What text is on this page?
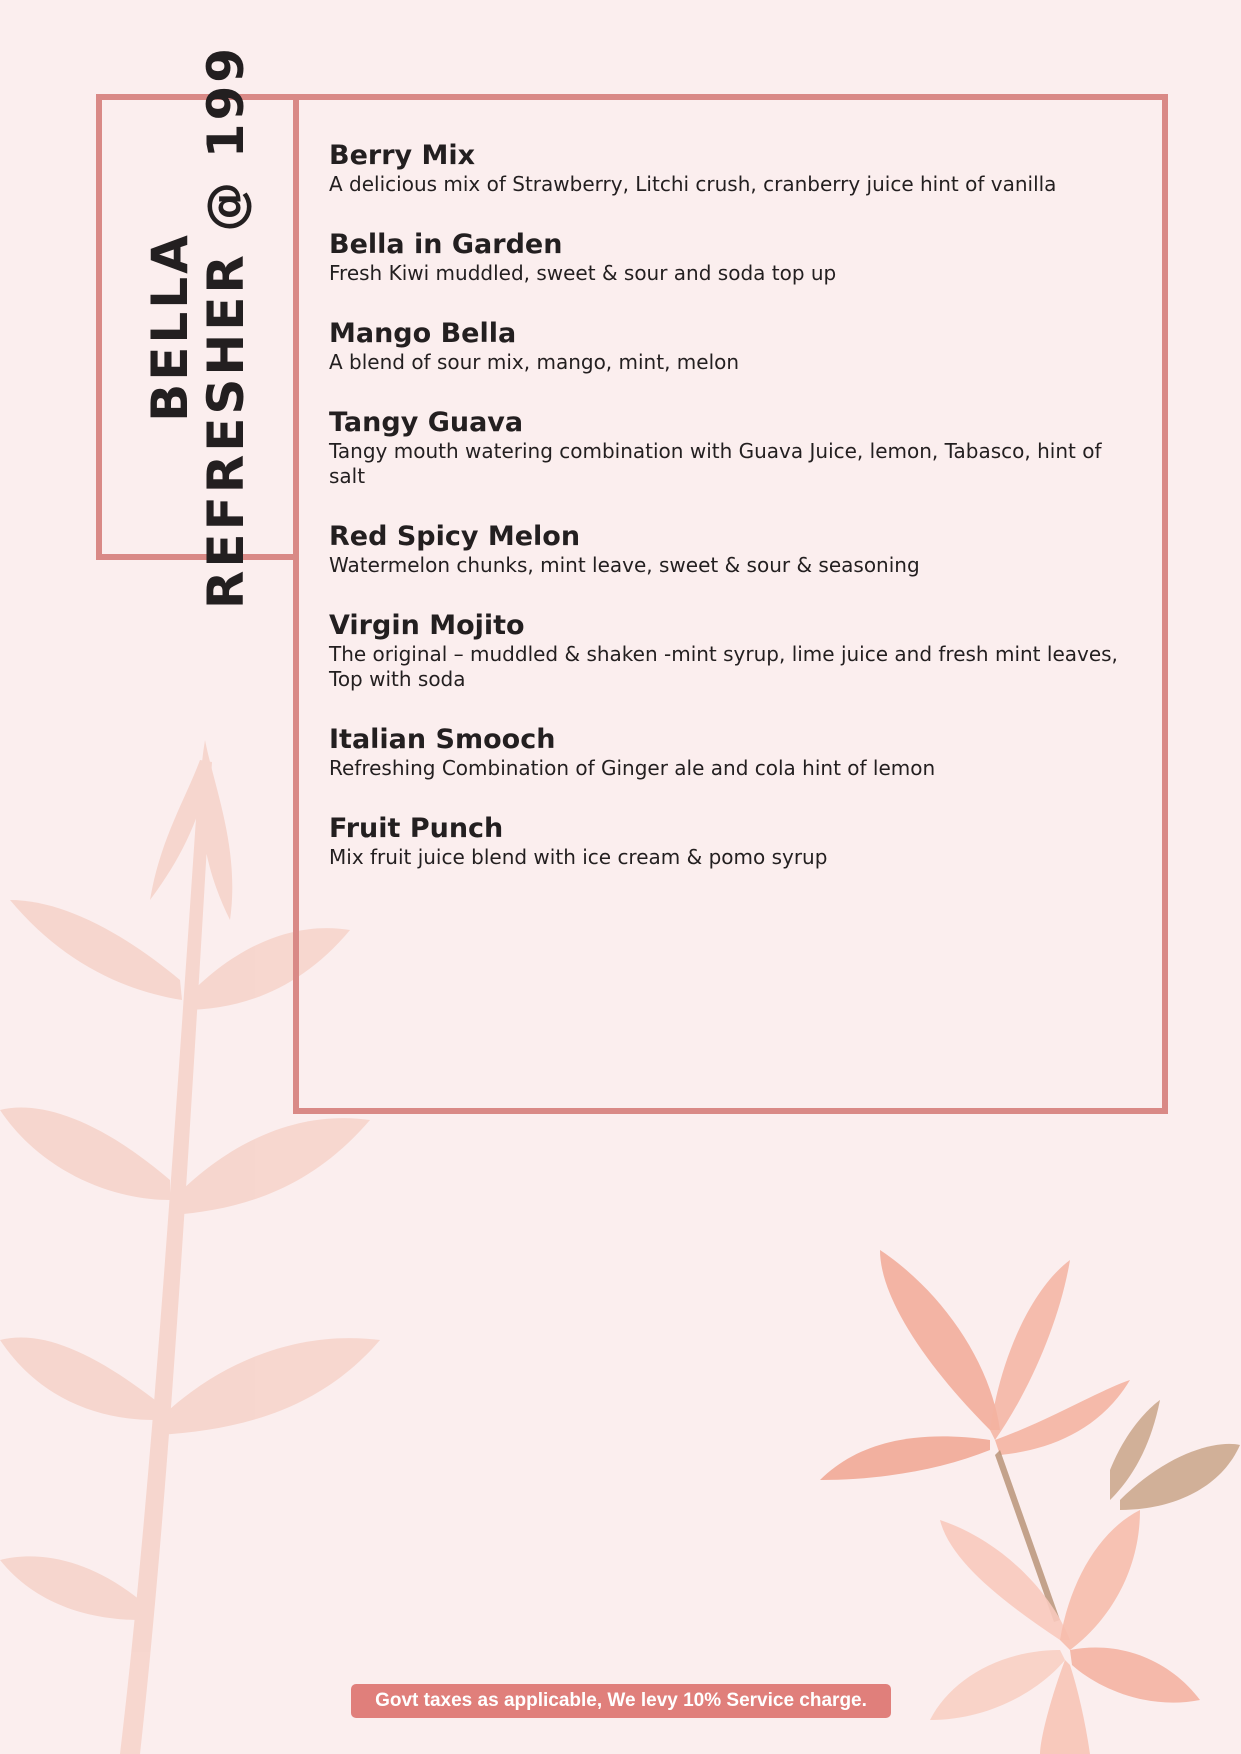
BELLA
REFRESHER @ 199	Berry Mix
A delicious mix of Strawberry, Litchi crush, cranberry juice hint of vanilla
Bella in Garden
Fresh Kiwi muddled, sweet & sour and soda top up
Mango Bella
A blend of sour mix, mango, mint, melon
Tangy Guava
Tangy mouth watering combination with Guava Juice, lemon, Tabasco, hint of salt
Red Spicy Melon
Watermelon chunks, mint leave, sweet & sour & seasoning
Virgin Mojito
The original – muddled & shaken -mint syrup, lime juice and fresh mint leaves, Top with soda
Italian Smooch
Refreshing Combination of Ginger ale and cola hint of lemon
Fruit Punch
Mix fruit juice blend with ice cream & pomo syrup
Govt taxes as applicable, We levy 10% Service charge.
